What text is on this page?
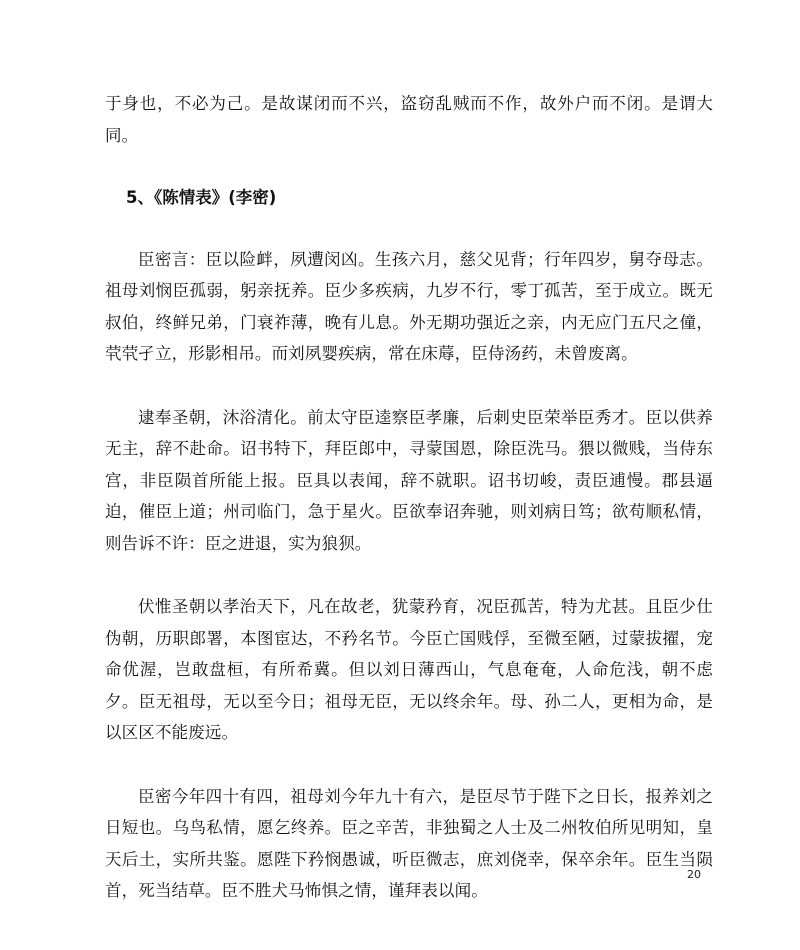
于身也，不必为己。是故谋闭而不兴，盗窃乱贼而不作，故外户而不闭。是谓大同。

5、《陈情表》(李密)

臣密言：臣以险衅，夙遭闵凶。生孩六月，慈父见背；行年四岁，舅夺母志。祖母刘悯臣孤弱，躬亲抚养。臣少多疾病，九岁不行，零丁孤苦，至于成立。既无叔伯，终鲜兄弟，门衰祚薄，晚有儿息。外无期功强近之亲，内无应门五尺之僮，茕茕孑立，形影相吊。而刘夙婴疾病，常在床蓐，臣侍汤药，未曾废离。

逮奉圣朝，沐浴清化。前太守臣逵察臣孝廉，后刺史臣荣举臣秀才。臣以供养无主，辞不赴命。诏书特下，拜臣郎中，寻蒙国恩，除臣洗马。猥以微贱，当侍东宫，非臣陨首所能上报。臣具以表闻，辞不就职。诏书切峻，责臣逋慢。郡县逼迫，催臣上道；州司临门，急于星火。臣欲奉诏奔驰，则刘病日笃；欲苟顺私情，则告诉不许：臣之进退，实为狼狈。

伏惟圣朝以孝治天下，凡在故老，犹蒙矜育，况臣孤苦，特为尤甚。且臣少仕伪朝，历职郎署，本图宦达，不矜名节。今臣亡国贱俘，至微至陋，过蒙拔擢，宠命优渥，岂敢盘桓，有所希冀。但以刘日薄西山，气息奄奄，人命危浅，朝不虑夕。臣无祖母，无以至今日；祖母无臣，无以终余年。母、孙二人，更相为命，是以区区不能废远。

臣密今年四十有四，祖母刘今年九十有六，是臣尽节于陛下之日长，报养刘之日短也。乌鸟私情，愿乞终养。臣之辛苦，非独蜀之人士及二州牧伯所见明知，皇天后土，实所共鉴。愿陛下矜悯愚诚，听臣微志，庶刘侥幸，保卒余年。臣生当陨首，死当结草。臣不胜犬马怖惧之情，谨拜表以闻。

20
